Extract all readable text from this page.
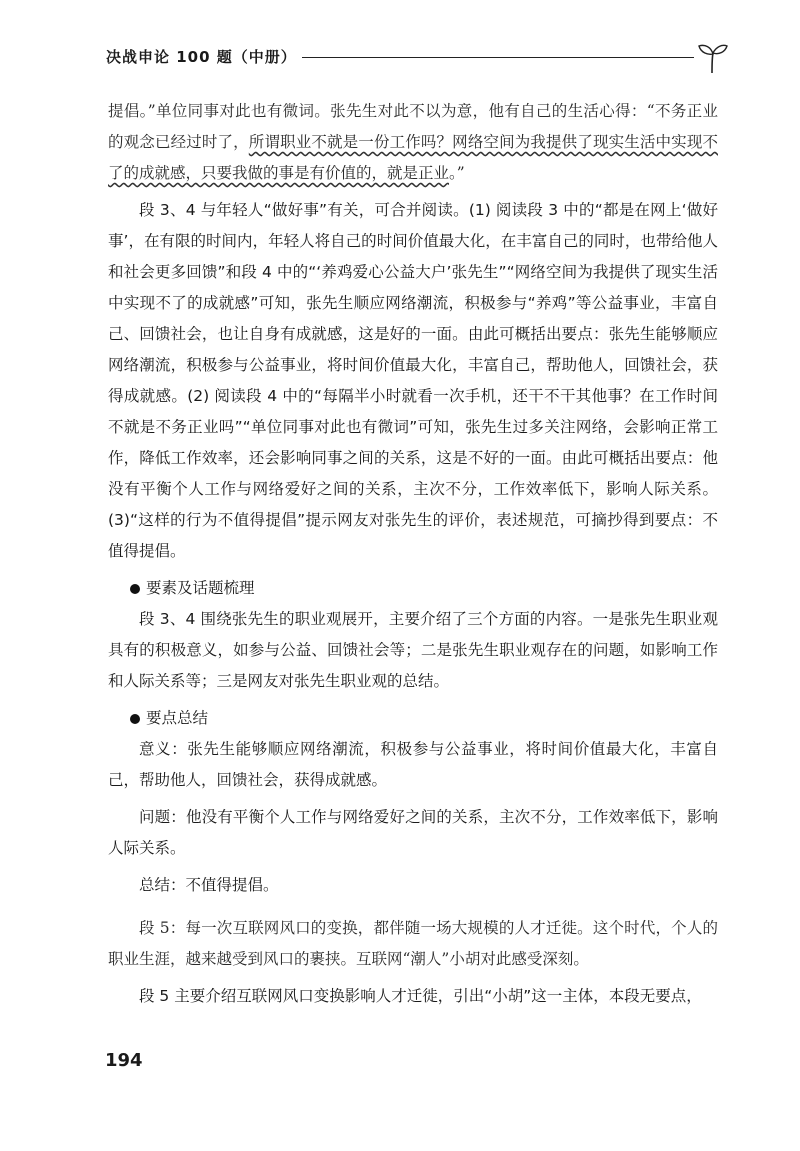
决战申论 100 题（中册）

提倡。”单位同事对此也有微词。张先生对此不以为意，他有自己的生活心得：“不务正业的观念已经过时了，所谓职业不就是一份工作吗？网络空间为我提供了现实生活中实现不了的成就感，只要我做的事是有价值的，就是正业。”

段 3、4 与年轻人“做好事”有关，可合并阅读。(1) 阅读段 3 中的“都是在网上‘做好事’，在有限的时间内，年轻人将自己的时间价值最大化，在丰富自己的同时，也带给他人和社会更多回馈”和段 4 中的“‘养鸡爱心公益大户’张先生”“网络空间为我提供了现实生活中实现不了的成就感”可知，张先生顺应网络潮流，积极参与“养鸡”等公益事业，丰富自己、回馈社会，也让自身有成就感，这是好的一面。由此可概括出要点：张先生能够顺应网络潮流，积极参与公益事业，将时间价值最大化，丰富自己，帮助他人，回馈社会，获得成就感。(2) 阅读段 4 中的“每隔半小时就看一次手机，还干不干其他事？在工作时间不就是不务正业吗”“单位同事对此也有微词”可知，张先生过多关注网络，会影响正常工作，降低工作效率，还会影响同事之间的关系，这是不好的一面。由此可概括出要点：他没有平衡个人工作与网络爱好之间的关系，主次不分，工作效率低下，影响人际关系。(3)“这样的行为不值得提倡”提示网友对张先生的评价，表述规范，可摘抄得到要点：不值得提倡。

要素及话题梳理

段 3、4 围绕张先生的职业观展开，主要介绍了三个方面的内容。一是张先生职业观具有的积极意义，如参与公益、回馈社会等；二是张先生职业观存在的问题，如影响工作和人际关系等；三是网友对张先生职业观的总结。

要点总结

意义：张先生能够顺应网络潮流，积极参与公益事业，将时间价值最大化，丰富自己，帮助他人，回馈社会，获得成就感。

问题：他没有平衡个人工作与网络爱好之间的关系，主次不分，工作效率低下，影响人际关系。

总结：不值得提倡。

段 5：每一次互联网风口的变换，都伴随一场大规模的人才迁徙。这个时代，个人的职业生涯，越来越受到风口的裹挟。互联网“潮人”小胡对此感受深刻。

段 5 主要介绍互联网风口变换影响人才迁徙，引出“小胡”这一主体，本段无要点，

194
